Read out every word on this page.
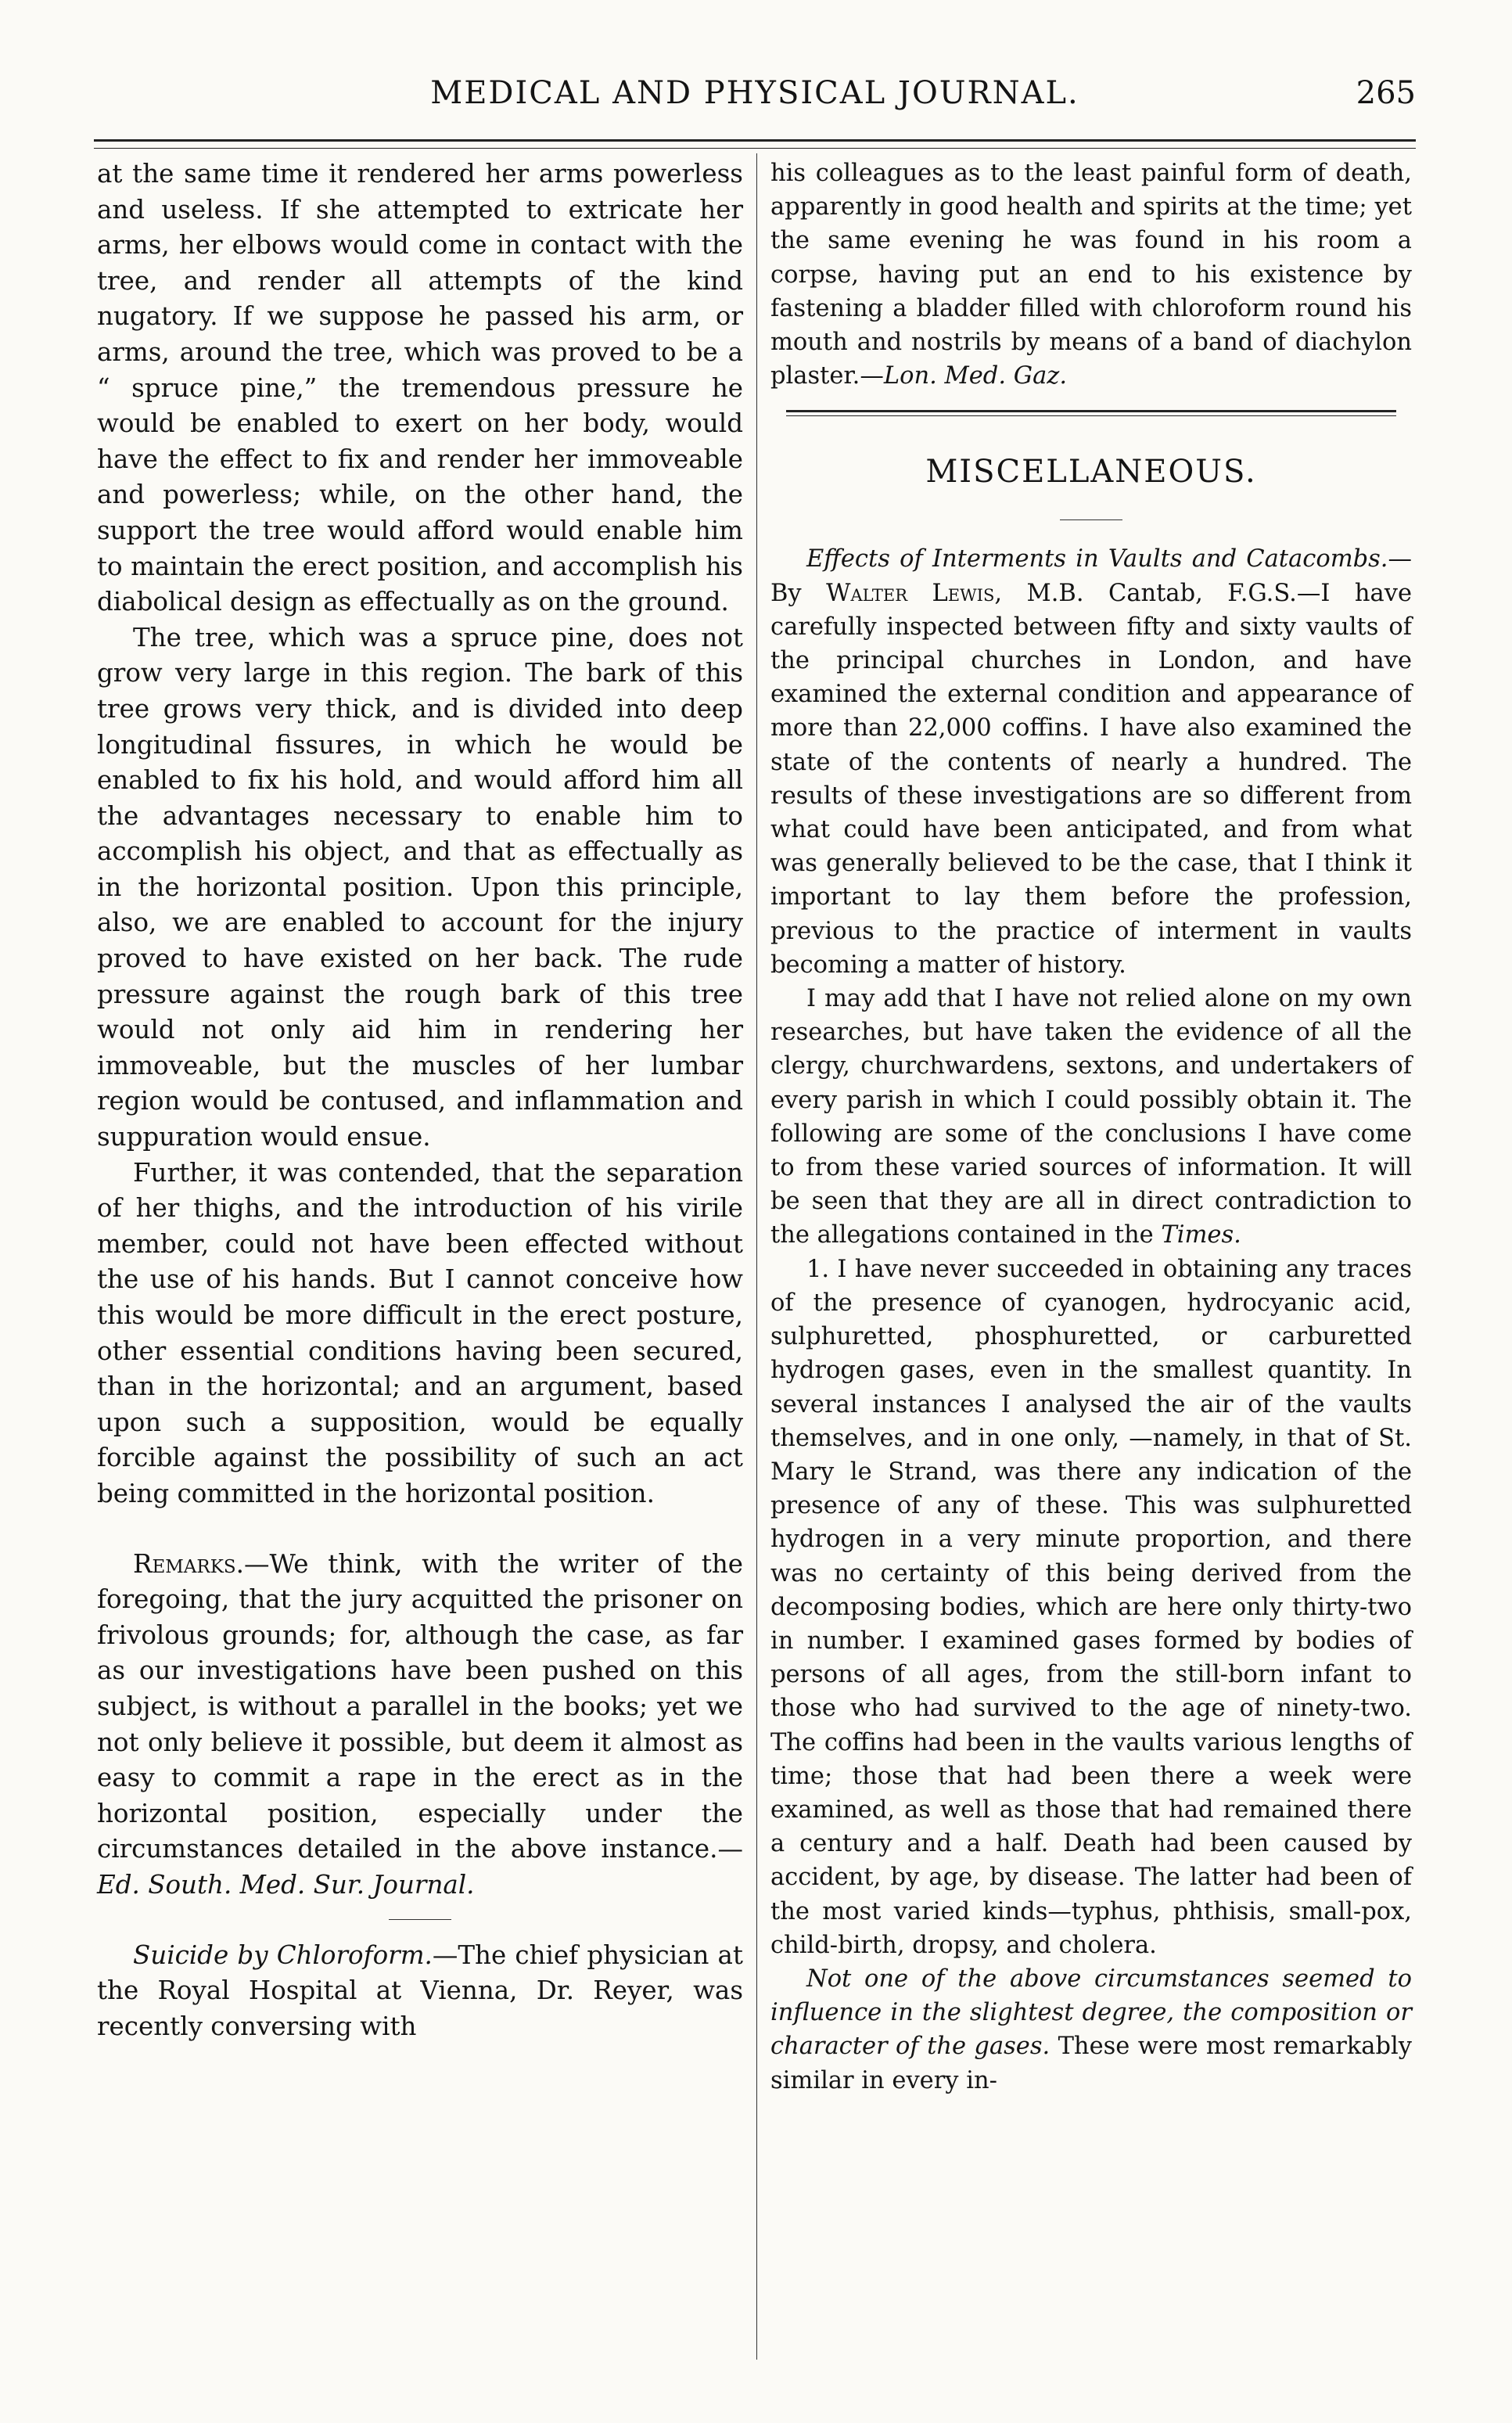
MEDICAL AND PHYSICAL JOURNAL.	265

at the same time it rendered her arms powerless and useless. If she attempted to extricate her arms, her elbows would come in contact with the tree, and render all attempts of the kind nugatory. If we suppose he passed his arm, or arms, around the tree, which was proved to be a “ spruce pine,” the tremendous pressure he would be enabled to exert on her body, would have the effect to fix and render her immoveable and powerless; while, on the other hand, the support the tree would afford would enable him to maintain the erect position, and accomplish his diabolical design as effectually as on the ground.

The tree, which was a spruce pine, does not grow very large in this region. The bark of this tree grows very thick, and is divided into deep longitudinal fissures, in which he would be enabled to fix his hold, and would afford him all the advantages necessary to enable him to accomplish his object, and that as effectually as in the horizontal position. Upon this principle, also, we are enabled to account for the injury proved to have existed on her back. The rude pressure against the rough bark of this tree would not only aid him in rendering her immoveable, but the muscles of her lumbar region would be contused, and inflammation and suppuration would ensue.

Further, it was contended, that the separation of her thighs, and the introduction of his virile member, could not have been effected without the use of his hands. But I cannot conceive how this would be more difficult in the erect posture, other essential conditions having been secured, than in the horizontal; and an argument, based upon such a supposition, would be equally forcible against the possibility of such an act being committed in the horizontal position.

Remarks.—We think, with the writer of the foregoing, that the jury acquitted the prisoner on frivolous grounds; for, although the case, as far as our investigations have been pushed on this subject, is without a parallel in the books; yet we not only believe it possible, but deem it almost as easy to commit a rape in the erect as in the horizontal position, especially under the circumstances detailed in the above instance.—Ed. South. Med. Sur. Journal.

Suicide by Chloroform.—The chief physician at the Royal Hospital at Vienna, Dr. Reyer, was recently conversing with

his colleagues as to the least painful form of death, apparently in good health and spirits at the time; yet the same evening he was found in his room a corpse, having put an end to his existence by fastening a bladder filled with chloroform round his mouth and nostrils by means of a band of diachylon plaster.—Lon. Med. Gaz.

MISCELLANEOUS.

Effects of Interments in Vaults and Catacombs.—By Walter Lewis, M.B. Cantab, F.G.S.—I have carefully inspected between fifty and sixty vaults of the principal churches in London, and have examined the external condition and appearance of more than 22,000 coffins. I have also examined the state of the contents of nearly a hundred. The results of these investigations are so different from what could have been anticipated, and from what was generally believed to be the case, that I think it important to lay them before the profession, previous to the practice of interment in vaults becoming a matter of history.

I may add that I have not relied alone on my own researches, but have taken the evidence of all the clergy, churchwardens, sextons, and undertakers of every parish in which I could possibly obtain it. The following are some of the conclusions I have come to from these varied sources of information. It will be seen that they are all in direct contradiction to the allegations contained in the Times.

1. I have never succeeded in obtaining any traces of the presence of cyanogen, hydrocyanic acid, sulphuretted, phosphuretted, or carburetted hydrogen gases, even in the smallest quantity. In several instances I analysed the air of the vaults themselves, and in one only, —namely, in that of St. Mary le Strand, was there any indication of the presence of any of these. This was sulphuretted hydrogen in a very minute proportion, and there was no certainty of this being derived from the decomposing bodies, which are here only thirty-two in number. I examined gases formed by bodies of persons of all ages, from the still-born infant to those who had survived to the age of ninety-two. The coffins had been in the vaults various lengths of time; those that had been there a week were examined, as well as those that had remained there a century and a half. Death had been caused by accident, by age, by disease. The latter had been of the most varied kinds—typhus, phthisis, small-pox, child-birth, dropsy, and cholera.

Not one of the above circumstances seemed to influence in the slightest degree, the composition or character of the gases. These were most remarkably similar in every in-
